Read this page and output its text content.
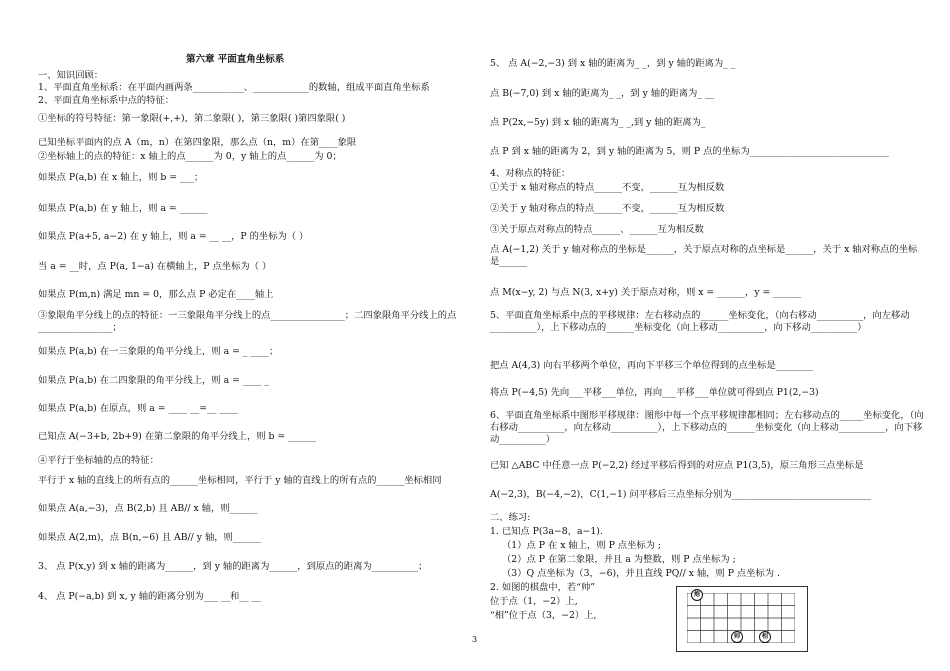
第六章 平面直角坐标系
一、知识回顾：
1、平面直角坐标系：在平面内画两条___________、____________的数轴，组成平面直角坐标系
2、平面直角坐标系中点的特征：
①坐标的符号特征：第一象限(+,+)，第二象限( )，第三象限( )第四象限( )
已知坐标平面内的点 A（m，n）在第四象限，那么点（n，m）在第____象限
②坐标轴上的点的特征：x 轴上的点______为 0，y 轴上的点______为 0；
如果点 P(a,b) 在 x 轴上，则 b = ___；
如果点 P(a,b) 在 y 轴上，则 a = ______
如果点 P(a+5, a−2) 在 y 轴上，则 a = __ __，P 的坐标为（ ）
当 a = __时，点 P(a, 1−a) 在横轴上，P 点坐标为（ ）
如果点 P(m,n) 满足 mn = 0，那么点 P 必定在____轴上
③象限角平分线上的点的特征：一三象限角平分线上的点________________；二四象限角平分线上的点________________；
如果点 P(a,b) 在一三象限的角平分线上，则 a = _ ____；
如果点 P(a,b) 在二四象限的角平分线上，则 a = ____ _
如果点 P(a,b) 在原点，则 a = ____ __=__ ____
已知点 A(−3+b, 2b+9) 在第二象限的角平分线上，则 b = ______
④平行于坐标轴的点的特征：
平行于 x 轴的直线上的所有点的______坐标相同，平行于 y 轴的直线上的所有点的______坐标相同
如果点 A(a,−3)，点 B(2,b) 且 AB// x 轴，则______
如果点 A(2,m)，点 B(n,−6) 且 AB// y 轴，则______
3、 点 P(x,y) 到 x 轴的距离为______，到 y 轴的距离为______，到原点的距离为__________；
4、 点 P(−a,b) 到 x, y 轴的距离分别为___ __和__ __
5、 点 A(−2,−3) 到 x 轴的距离为_ _，到 y 轴的距离为_ _
点 B(−7,0) 到 x 轴的距离为_ _，到 y 轴的距离为_ __
点 P(2x,−5y) 到 x 轴的距离为_ _,到 y 轴的距离为_
点 P 到 x 轴的距离为 2，到 y 轴的距离为 5，则 P 点的坐标为______________________________
4、对称点的特征：
①关于 x 轴对称点的特点______不变，______互为相反数
②关于 y 轴对称点的特点______不变，______互为相反数
③关于原点对称点的特点______、______互为相反数
点 A(−1,2) 关于 y 轴对称点的坐标是______，关于原点对称的点坐标是______，关于 x 轴对称点的坐标是______
点 M(x−y, 2) 与点 N(3, x+y) 关于原点对称，则 x = ______，y = ______
5、平面直角坐标系中点的平移规律：左右移动点的______坐标变化，（向右移动__________，向左移动__________），上下移动点的______坐标变化（向上移动__________，向下移动__________）
把点 A(4,3) 向右平移两个单位，再向下平移三个单位得到的点坐标是________
将点 P(−4,5) 先向___平移___单位，再向___平移___单位就可得到点 P1(2,−3)
6、平面直角坐标系中图形平移规律：图形中每一个点平移规律都相同；左右移动点的_____坐标变化，（向右移动__________，向左移动__________），上下移动点的______坐标变化（向上移动__________，向下移动__________）
已知 △ABC 中任意一点 P(−2,2) 经过平移后得到的对应点 P1(3,5)，原三角形三点坐标是
A(−2,3)，B(−4,−2)，C(1,−1) 问平移后三点坐标分别为______________________________
二、练习:
1. 已知点 P(3a−8，a−1).
（1）点 P 在 x 轴上，则 P 点坐标为 ;
（2）点 P 在第二象限，并且 a 为整数，则 P 点坐标为 ;
（3）Q 点坐标为（3，−6)，并且直线 PQ// x 轴，则 P 点坐标为 .
2. 如图的棋盘中，若“帅”
位于点（1，−2）上,
“相”位于点（3，−2）上,
炮
帅	相
3
